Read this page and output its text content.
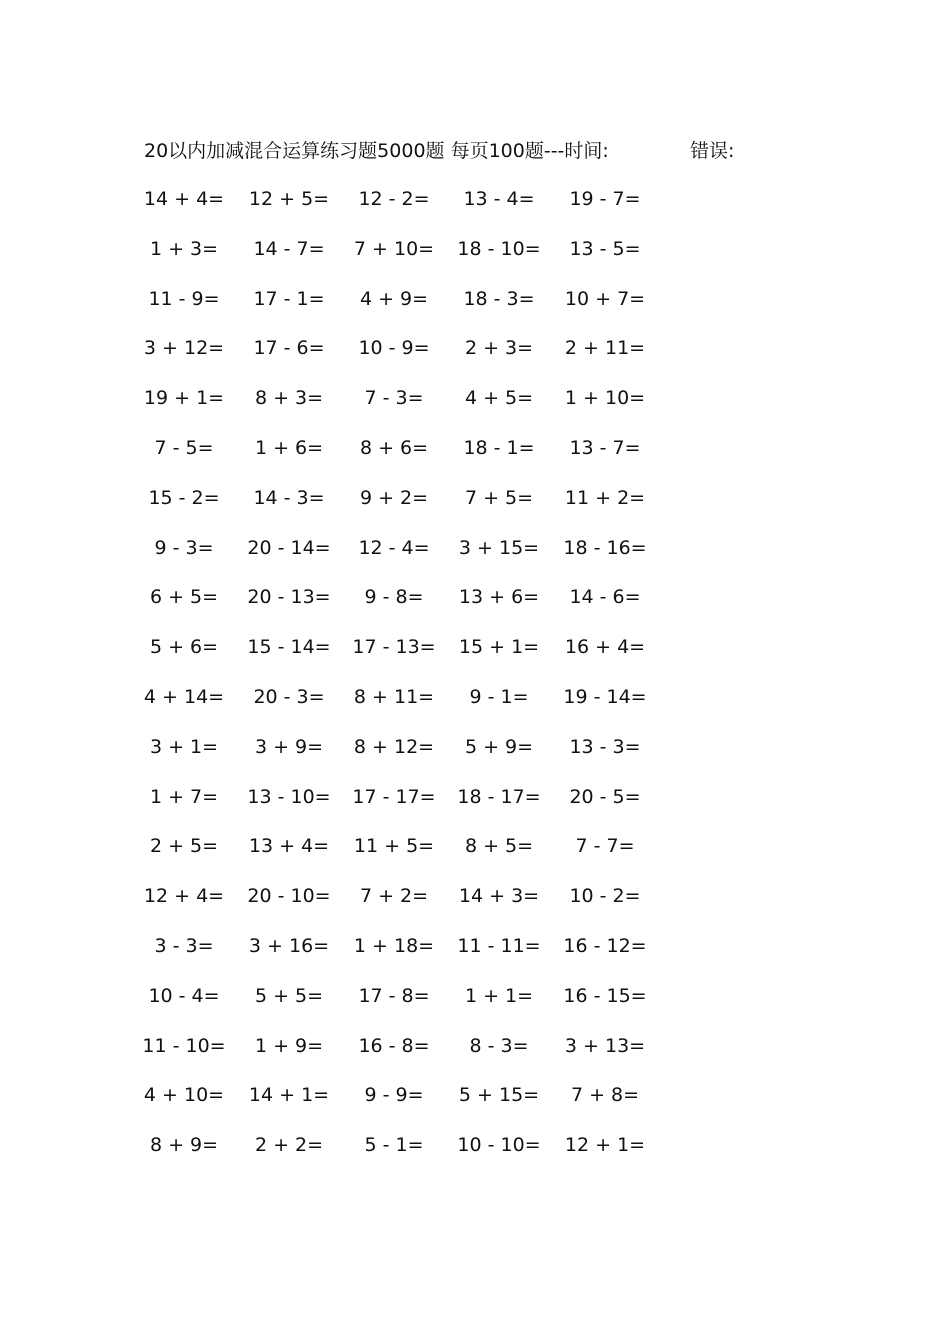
20以内加减混合运算练习题5000题 每页100题---时间:	错误:
14 + 4=	12 + 5=	12 - 2=	13 - 4=	19 - 7=
1 + 3=	14 - 7=	7 + 10=	18 - 10=	13 - 5=
11 - 9=	17 - 1=	4 + 9=	18 - 3=	10 + 7=
3 + 12=	17 - 6=	10 - 9=	2 + 3=	2 + 11=
19 + 1=	8 + 3=	7 - 3=	4 + 5=	1 + 10=
7 - 5=	1 + 6=	8 + 6=	18 - 1=	13 - 7=
15 - 2=	14 - 3=	9 + 2=	7 + 5=	11 + 2=
9 - 3=	20 - 14=	12 - 4=	3 + 15=	18 - 16=
6 + 5=	20 - 13=	9 - 8=	13 + 6=	14 - 6=
5 + 6=	15 - 14=	17 - 13=	15 + 1=	16 + 4=
4 + 14=	20 - 3=	8 + 11=	9 - 1=	19 - 14=
3 + 1=	3 + 9=	8 + 12=	5 + 9=	13 - 3=
1 + 7=	13 - 10=	17 - 17=	18 - 17=	20 - 5=
2 + 5=	13 + 4=	11 + 5=	8 + 5=	7 - 7=
12 + 4=	20 - 10=	7 + 2=	14 + 3=	10 - 2=
3 - 3=	3 + 16=	1 + 18=	11 - 11=	16 - 12=
10 - 4=	5 + 5=	17 - 8=	1 + 1=	16 - 15=
11 - 10=	1 + 9=	16 - 8=	8 - 3=	3 + 13=
4 + 10=	14 + 1=	9 - 9=	5 + 15=	7 + 8=
8 + 9=	2 + 2=	5 - 1=	10 - 10=	12 + 1=
